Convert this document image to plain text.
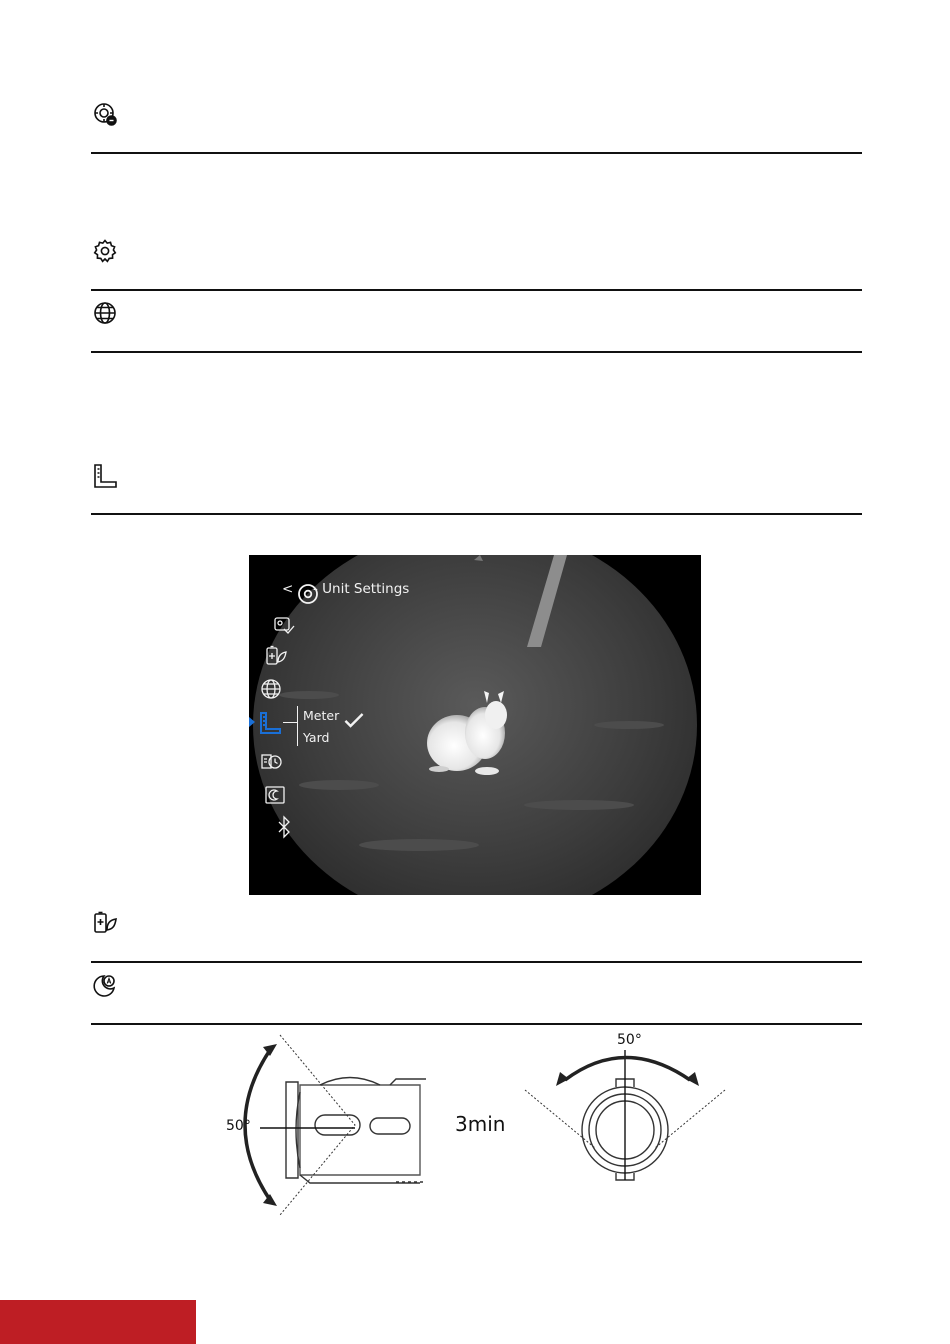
< - Unit Settings
Meter
Yard
50°	3min
50°
